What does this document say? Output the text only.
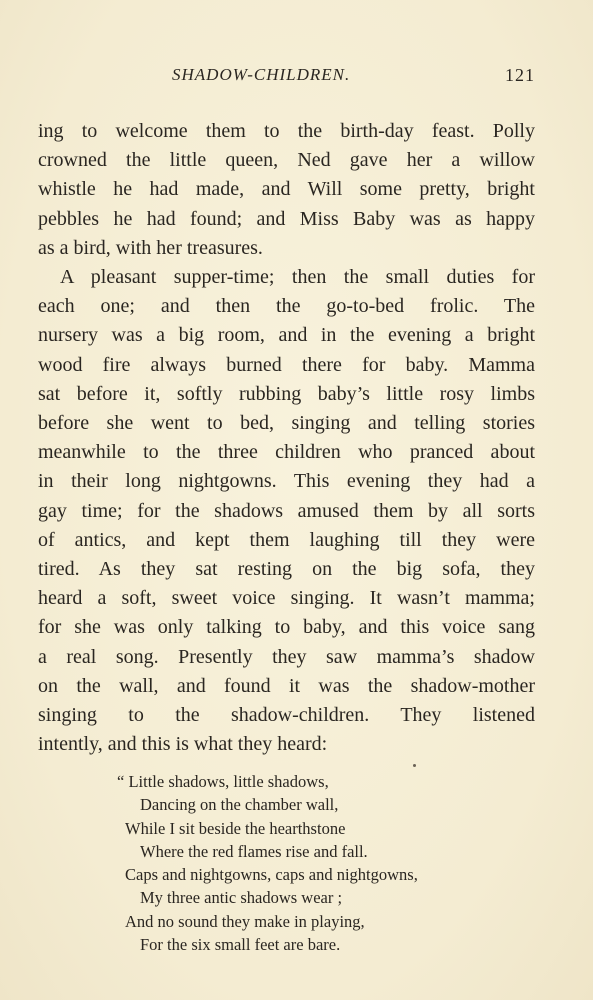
SHADOW-CHILDREN.	121
ing to welcome them to the birth-day feast. Polly
crowned the little queen, Ned gave her a willow
whistle he had made, and Will some pretty, bright
pebbles he had found; and Miss Baby was as happy
as a bird, with her treasures.
A pleasant supper-time; then the small duties for
each one; and then the go-to-bed frolic. The
nursery was a big room, and in the evening a bright
wood fire always burned there for baby. Mamma
sat before it, softly rubbing baby’s little rosy limbs
before she went to bed, singing and telling stories
meanwhile to the three children who pranced about
in their long nightgowns. This evening they had a
gay time; for the shadows amused them by all sorts
of antics, and kept them laughing till they were
tired. As they sat resting on the big sofa, they
heard a soft, sweet voice singing. It wasn’t mamma;
for she was only talking to baby, and this voice sang
a real song. Presently they saw mamma’s shadow
on the wall, and found it was the shadow-mother
singing to the shadow-children. They listened
intently, and this is what they heard:
“ Little shadows, little shadows,
Dancing on the chamber wall,
While I sit beside the hearthstone
Where the red flames rise and fall.
Caps and nightgowns, caps and nightgowns,
My three antic shadows wear ;
And no sound they make in playing,
For the six small feet are bare.
